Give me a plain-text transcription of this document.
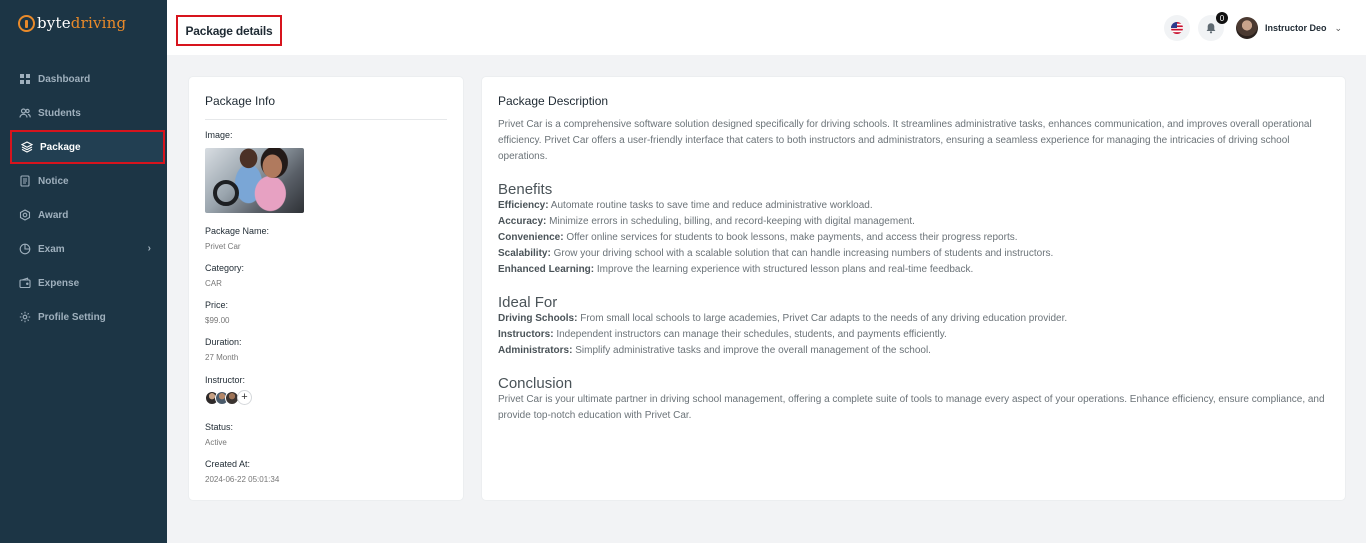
byte driving
Dashboard
Students
Package
Notice
Award
Exam	›
Expense
Profile Setting
Package details
0
Instructor Deo ⌄
Package Info
Image:
Package Name:
Privet Car
Category:
CAR
Price:
$99.00
Duration:
27 Month
Instructor:
+
Status:
Active
Created At:
2024-06-22 05:01:34
Package Description

Privet Car is a comprehensive software solution designed specifically for driving schools. It streamlines administrative tasks, enhances communication, and improves overall operational efficiency. Privet Car offers a user-friendly interface that caters to both instructors and administrators, ensuring a seamless experience for managing the intricacies of driving school operations.

Benefits
Efficiency: Automate routine tasks to save time and reduce administrative workload.
Accuracy: Minimize errors in scheduling, billing, and record-keeping with digital management.
Convenience: Offer online services for students to book lessons, make payments, and access their progress reports.
Scalability: Grow your driving school with a scalable solution that can handle increasing numbers of students and instructors.
Enhanced Learning: Improve the learning experience with structured lesson plans and real-time feedback.
Ideal For
Driving Schools: From small local schools to large academies, Privet Car adapts to the needs of any driving education provider.
Instructors: Independent instructors can manage their schedules, students, and payments efficiently.
Administrators: Simplify administrative tasks and improve the overall management of the school.
Conclusion

Privet Car is your ultimate partner in driving school management, offering a complete suite of tools to manage every aspect of your operations. Enhance efficiency, ensure compliance, and provide top-notch education with Privet Car.
